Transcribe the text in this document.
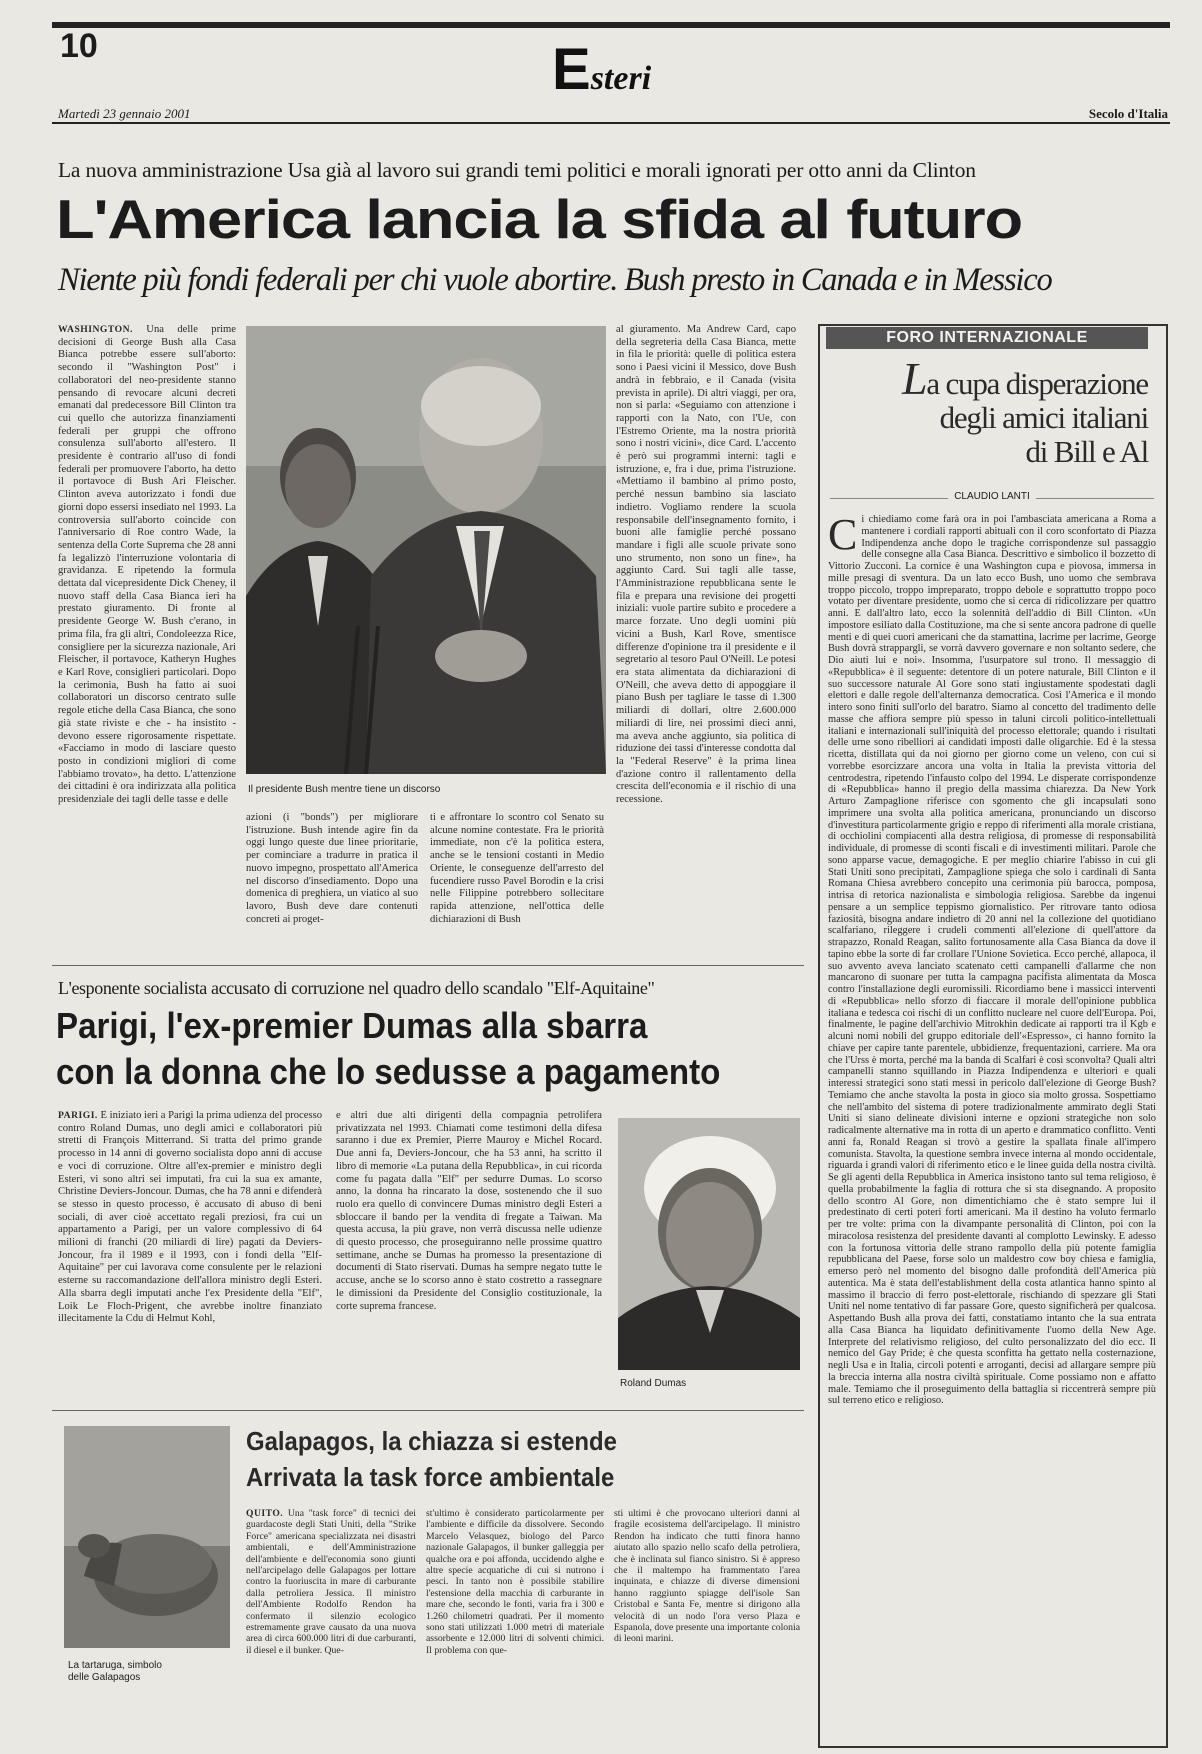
10	Esteri
Martedì 23 gennaio 2001	Secolo d'Italia
La nuova amministrazione Usa già al lavoro sui grandi temi politici e morali ignorati per otto anni da Clinton
L'America lancia la sfida al futuro
Niente più fondi federali per chi vuole abortire. Bush presto in Canada e in Messico
WASHINGTON. Una delle prime decisioni di George Bush alla Casa Bianca potrebbe essere sull'aborto: secondo il "Washington Post" i collaboratori del neo-presidente stanno pensando di revocare alcuni decreti emanati dal predecessore Bill Clinton tra cui quello che autorizza finanziamenti federali per gruppi che offrono consulenza sull'aborto all'estero. Il presidente è contrario all'uso di fondi federali per promuovere l'aborto, ha detto il portavoce di Bush Ari Fleischer. Clinton aveva autorizzato i fondi due giorni dopo essersi insediato nel 1993. La controversia sull'aborto coincide con l'anniversario di Roe contro Wade, la sentenza della Corte Suprema che 28 anni fa legalizzò l'interruzione volontaria di gravidanza. E ripetendo la formula dettata dal vicepresidente Dick Cheney, il nuovo staff della Casa Bianca ieri ha prestato giuramento. Di fronte al presidente George W. Bush c'erano, in prima fila, fra gli altri, Condoleezza Rice, consigliere per la sicurezza nazionale, Ari Fleischer, il portavoce, Katheryn Hughes e Karl Rove, consiglieri particolari. Dopo la cerimonia, Bush ha fatto ai suoi collaboratori un discorso centrato sulle regole etiche della Casa Bianca, che sono già state riviste e che - ha insistito - devono essere rigorosamente rispettate. «Facciamo in modo di lasciare questo posto in condizioni migliori di come l'abbiamo trovato», ha detto. L'attenzione dei cittadini è ora indirizzata alla politica presidenziale dei tagli delle tasse e delle
Il presidente Bush mentre tiene un discorso
azioni (i "bonds") per migliorare l'istruzione. Bush intende agire fin da oggi lungo queste due linee prioritarie, per cominciare a tradurre in pratica il nuovo impegno, prospettato all'America nel discorso d'insediamento. Dopo una domenica di preghiera, un viatico al suo lavoro, Bush deve dare contenuti concreti ai proget-
ti e affrontare lo scontro col Senato su alcune nomine contestate. Fra le priorità immediate, non c'è la politica estera, anche se le tensioni costanti in Medio Oriente, le conseguenze dell'arresto del fucendiere russo Pavel Borodin e la crisi nelle Filippine potrebbero sollecitare rapida attenzione, nell'ottica delle dichiarazioni di Bush
al giuramento. Ma Andrew Card, capo della segreteria della Casa Bianca, mette in fila le priorità: quelle di politica estera sono i Paesi vicini il Messico, dove Bush andrà in febbraio, e il Canada (visita prevista in aprile). Di altri viaggi, per ora, non si parla: «Seguiamo con attenzione i rapporti con la Nato, con l'Ue, con l'Estremo Oriente, ma la nostra priorità sono i nostri vicini», dice Card. L'accento è però sui programmi interni: tagli e istruzione, e, fra i due, prima l'istruzione. «Mettiamo il bambino al primo posto, perché nessun bambino sia lasciato indietro. Vogliamo rendere la scuola responsabile dell'insegnamento fornito, i buoni alle famiglie perché possano mandare i figli alle scuole private sono uno strumento, non sono un fine», ha aggiunto Card. Sui tagli alle tasse, l'Amministrazione repubblicana sente le fila e prepara una revisione dei progetti iniziali: vuole partire subito e procedere a marce forzate. Uno degli uomini più vicini a Bush, Karl Rove, smentisce differenze d'opinione tra il presidente e il segretario al tesoro Paul O'Neill. Le potesi era stata alimentata da dichiarazioni di O'Neill, che aveva detto di appoggiare il piano Bush per tagliare le tasse di 1.300 miliardi di dollari, oltre 2.600.000 miliardi di lire, nei prossimi dieci anni, ma aveva anche aggiunto, sia politica di riduzione dei tassi d'interesse condotta dal la "Federal Reserve" è la prima linea d'azione contro il rallentamento della crescita dell'economia e il rischio di una recessione.
FORO INTERNAZIONALE
La cupa disperazione
degli amici italiani
di Bill e Al
CLAUDIO LANTI
C i chiediamo come farà ora in poi l'ambasciata americana a Roma a mantenere i cordiali rapporti abituali con il coro sconfortato di Piazza Indipendenza anche dopo le tragiche corrispondenze sul passaggio delle consegne alla Casa Bianca. Descrittivo e simbolico il bozzetto di Vittorio Zucconi. La cornice è una Washington cupa e piovosa, immersa in mille presagi di sventura. Da un lato ecco Bush, uno uomo che sembrava troppo piccolo, troppo impreparato, troppo debole e soprattutto troppo poco votato per diventare presidente, uomo che si cerca di ridicolizzare per quattro anni. E dall'altro lato, ecco la solennità dell'addio di Bill Clinton. «Un impostore esiliato dalla Costituzione, ma che si sente ancora padrone di quelle menti e di quei cuori americani che da stamattina, lacrime per lacrime, George Bush dovrà strappargli, se vorrà davvero governare e non soltanto sedere, che Dio aiuti lui e noi». Insomma, l'usurpatore sul trono. Il messaggio di «Repubblica» è il seguente: detentore di un potere naturale, Bill Clinton e il suo successore naturale Al Gore sono stati ingiustamente spodestati dagli elettori e dalle regole dell'alternanza democratica. Così l'America e il mondo intero sono finiti sull'orlo del baratro. Siamo al concetto del tradimento delle masse che affiora sempre più spesso in taluni circoli politico-intellettuali italiani e internazionali sull'iniquità del processo elettorale; quando i risultati delle urne sono ribelliori ai candidati imposti dalle oligarchie. Ed è la stessa ricetta, distillata qui da noi giorno per giorno come un veleno, con cui si vorrebbe esorcizzare ancora una volta in Italia la prevista vittoria del centrodestra, ripetendo l'infausto colpo del 1994. Le disperate corrispondenze di «Repubblica» hanno il pregio della massima chiarezza. Da New York Arturo Zampaglione riferisce con sgomento che gli incapsulati sono imprimere una svolta alla politica americana, pronunciando un discorso d'investitura particolarmente grigio e reppo di riferimenti alla morale cristiana, di occhiolini compiacenti alla destra religiosa, di promesse di responsabilità individuale, di promesse di sconti fiscali e di investimenti militari. Parole che sono apparse vacue, demagogiche. E per meglio chiarire l'abisso in cui gli Stati Uniti sono precipitati, Zampaglione spiega che solo i cardinali di Santa Romana Chiesa avrebbero concepito una cerimonia più barocca, pomposa, intrisa di retorica nazionalista e simbologia religiosa. Sarebbe da ingenui pensare a un semplice teppismo giornalistico. Per ritrovare tanto odiosa faziosità, bisogna andare indietro di 20 anni nel la collezione del quotidiano scalfariano, rileggere i crudeli commenti all'elezione di quell'attore da strapazzo, Ronald Reagan, salito fortunosamente alla Casa Bianca da dove il tapino ebbe la sorte di far crollare l'Unione Sovietica. Ecco perché, allapoca, il suo avvento aveva lanciato scatenato cetti campanelli d'allarme che non mancarono di suonare per tutta la campagna pacifista alimentata da Mosca contro l'installazione degli euromissili. Ricordiamo bene i massicci interventi di «Repubblica» nello sforzo di fiaccare il morale dell'opinione pubblica italiana e tedesca coi rischi di un conflitto nucleare nel cuore dell'Europa. Poi, finalmente, le pagine dell'archivio Mitrokhin dedicate ai rapporti tra il Kgb e alcuni nomi nobili del gruppo editoriale dell'«Espresso», ci hanno fornito la chiave per capire tante parentele, ubbidienze, frequentazioni, carriere. Ma ora che l'Urss è morta, perché ma la banda di Scalfari è così sconvolta? Quali altri campanelli stanno squillando in Piazza Indipendenza e ulteriori e quali interessi strategici sono stati messi in pericolo dall'elezione di George Bush? Temiamo che anche stavolta la posta in gioco sia molto grossa. Sospettiamo che nell'ambito del sistema di potere tradizionalmente ammirato degli Stati Uniti si siano delineate divisioni interne e opzioni strategiche non solo radicalmente alternative ma in rotta di un aperto e drammatico conflitto. Venti anni fa, Ronald Reagan si trovò a gestire la spallata finale all'impero comunista. Stavolta, la questione sembra invece interna al mondo occidentale, riguarda i grandi valori di riferimento etico e le linee guida della nostra civiltà. Se gli agenti della Repubblica in America insistono tanto sul tema religioso, è quella probabilmente la faglia di rottura che si sta disegnando. A proposito dello scontro Al Gore, non dimentichiamo che è stato sempre lui il predestinato di certi poteri forti americani. Ma il destino ha voluto fermarlo per tre volte: prima con la divampante personalità di Clinton, poi con la miracolosa resistenza del presidente davanti al complotto Lewinsky. E adesso con la fortunosa vittoria delle strano rampollo della più potente famiglia repubblicana del Paese, forse solo un maldestro cow boy chiesa e famiglia, emerso però nel momento del bisogno dalle profondità dell'America più autentica. Ma è stata dell'establishment della costa atlantica hanno spinto al massimo il braccio di ferro post-elettorale, rischiando di spezzare gli Stati Uniti nel nome tentativo di far passare Gore, questo significherà per qualcosa. Aspettando Bush alla prova dei fatti, constatiamo intanto che la sua entrata alla Casa Bianca ha liquidato definitivamente l'uomo della New Age. Interprete del relativismo religioso, del culto personalizzato del dio ecc. Il nemico del Gay Pride; è che questa sconfitta ha gettato nella costernazione, negli Usa e in Italia, circoli potenti e arroganti, decisi ad allargare sempre più la breccia interna alla nostra civiltà spirituale. Come possiamo non e affatto male. Temiamo che il proseguimento della battaglia si riccentrerà sempre più sul terreno etico e religioso.
L'esponente socialista accusato di corruzione nel quadro dello scandalo "Elf-Aquitaine"
Parigi, l'ex-premier Dumas alla sbarra
con la donna che lo sedusse a pagamento
PARIGI. È iniziato ieri a Parigi la prima udienza del processo contro Roland Dumas, uno degli amici e collaboratori più stretti di François Mitterrand. Si tratta del primo grande processo in 14 anni di governo socialista dopo anni di accuse e voci di corruzione. Oltre all'ex-premier e ministro degli Esteri, vi sono altri sei imputati, fra cui la sua ex amante, Christine Deviers-Joncour. Dumas, che ha 78 anni e difenderà se stesso in questo processo, è accusato di abuso di beni sociali, di aver cioè accettato regali preziosi, fra cui un appartamento a Parigi, per un valore complessivo di 64 milioni di franchi (20 miliardi di lire) pagati da Deviers-Joncour, fra il 1989 e il 1993, con i fondi della "Elf-Aquitaine" per cui lavorava come consulente per le relazioni esterne su raccomandazione dell'allora ministro degli Esteri. Alla sbarra degli imputati anche l'ex Presidente della "Elf", Loik Le Floch-Prigent, che avrebbe inoltre finanziato illecitamente la Cdu di Helmut Kohl,
e altri due alti dirigenti della compagnia petrolifera privatizzata nel 1993. Chiamati come testimoni della difesa saranno i due ex Premier, Pierre Mauroy e Michel Rocard. Due anni fa, Deviers-Joncour, che ha 53 anni, ha scritto il libro di memorie «La putana della Repubblica», in cui ricorda come fu pagata dalla "Elf" per sedurre Dumas. Lo scorso anno, la donna ha rincarato la dose, sostenendo che il suo ruolo era quello di convincere Dumas ministro degli Esteri a sbloccare il bando per la vendita di fregate a Taiwan. Ma questa accusa, la più grave, non verrà discussa nelle udienze di questo processo, che proseguiranno nelle prossime quattro settimane, anche se Dumas ha promesso la presentazione di documenti di Stato riservati. Dumas ha sempre negato tutte le accuse, anche se lo scorso anno è stato costretto a rassegnare le dimissioni da Presidente del Consiglio costituzionale, la corte suprema francese.
Roland Dumas
La tartaruga, simbolo
delle Galapagos
Galapagos, la chiazza si estende
Arrivata la task force ambientale
QUITO. Una "task force" di tecnici dei guardacoste degli Stati Uniti, della "Strike Force" americana specializzata nei disastri ambientali, e dell'Amministrazione dell'ambiente e dell'economia sono giunti nell'arcipelago delle Galapagos per lottare contro la fuoriuscita in mare di carburante dalla petroliera Jessica. Il ministro dell'Ambiente Rodolfo Rendon ha confermato il silenzio ecologico estremamente grave causato da una nuova area di circa 600.000 litri di due carburanti, il diesel e il bunker. Que-
st'ultimo è considerato particolarmente per l'ambiente e difficile da dissolvere. Secondo Marcelo Velasquez, biologo del Parco nazionale Galapagos, il bunker galleggia per qualche ora e poi affonda, uccidendo alghe e altre specie acquatiche di cui si nutrono i pesci. In tanto non è possibile stabilire l'estensione della macchia di carburante in mare che, secondo le fonti, varia fra i 300 e 1.260 chilometri quadrati. Per il momento sono stati utilizzati 1.000 metri di materiale assorbente e 12.000 litri di solventi chimici. Il problema con que-
sti ultimi è che provocano ulteriori danni al fragile ecosistema dell'arcipelago. Il ministro Rendon ha indicato che tutti finora hanno aiutato allo spazio nello scafo della petroliera, che è inclinata sul fianco sinistro. Si è appreso che il maltempo ha frammentato l'area inquinata, e chiazze di diverse dimensioni hanno raggiunto spiagge dell'isole San Cristobal e Santa Fe, mentre si dirigono alla velocità di un nodo l'ora verso Plaza e Espanola, dove presente una importante colonia di leoni marini.
